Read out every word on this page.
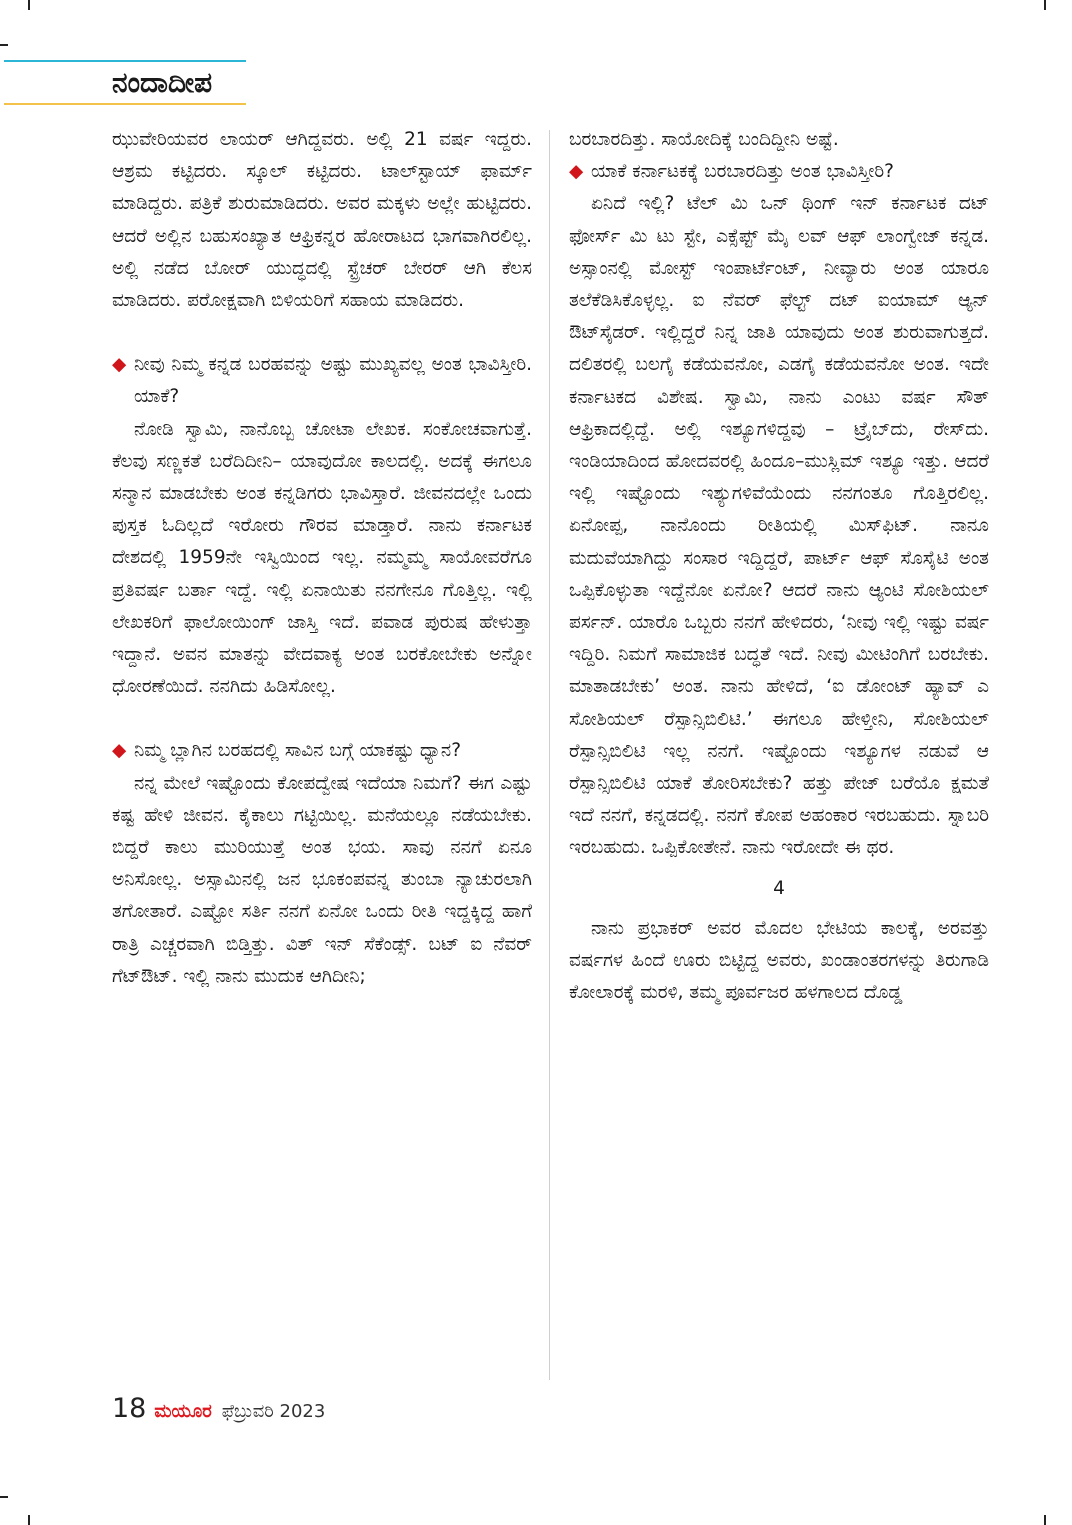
ನಂದಾದೀಪ

ಝುವೇರಿಯವರ ಲಾಯರ್ ಆಗಿದ್ದವರು. ಅಲ್ಲಿ 21 ವರ್ಷ ಇದ್ದರು. ಆಶ್ರಮ ಕಟ್ಟಿದರು. ಸ್ಕೂಲ್ ಕಟ್ಟಿದರು. ಟಾಲ್‌ಸ್ಟಾಯ್ ಫಾರ್ಮ್ ಮಾಡಿದ್ದರು. ಪತ್ರಿಕೆ ಶುರುಮಾಡಿದರು. ಅವರ ಮಕ್ಕಳು ಅಲ್ಲೇ ಹುಟ್ಟಿದರು. ಆದರೆ ಅಲ್ಲಿನ ಬಹುಸಂಖ್ಯಾತ ಆಫ್ರಿಕನ್ನರ ಹೋರಾಟದ ಭಾಗವಾಗಿರಲಿಲ್ಲ. ಅಲ್ಲಿ ನಡೆದ ಬೋರ್ ಯುದ್ಧದಲ್ಲಿ ಸ್ಟ್ರೆಚರ್ ಬೇರರ್ ಆಗಿ ಕೆಲಸ ಮಾಡಿದರು. ಪರೋಕ್ಷವಾಗಿ ಬಿಳಿಯರಿಗೆ ಸಹಾಯ ಮಾಡಿದರು.

◆ ನೀವು ನಿಮ್ಮ ಕನ್ನಡ ಬರಹವನ್ನು ಅಷ್ಟು ಮುಖ್ಯವಲ್ಲ ಅಂತ ಭಾವಿಸ್ತೀರಿ. ಯಾಕೆ?

ನೋಡಿ ಸ್ವಾಮಿ, ನಾನೊಬ್ಬ ಚೋಟಾ ಲೇಖಕ. ಸಂಕೋಚವಾಗುತ್ತೆ. ಕೆಲವು ಸಣ್ಣಕತೆ ಬರೆದಿದೀನಿ– ಯಾವುದೋ ಕಾಲದಲ್ಲಿ. ಅದಕ್ಕೆ ಈಗಲೂ ಸನ್ಮಾನ ಮಾಡಬೇಕು ಅಂತ ಕನ್ನಡಿಗರು ಭಾವಿಸ್ತಾರೆ. ಜೀವನದಲ್ಲೇ ಒಂದು ಪುಸ್ತಕ ಓದಿಲ್ಲದೆ ಇರೋರು ಗೌರವ ಮಾಡ್ತಾರೆ. ನಾನು ಕರ್ನಾಟಕ ದೇಶದಲ್ಲಿ 1959ನೇ ಇಸ್ವಿಯಿಂದ ಇಲ್ಲ. ನಮ್ಮಮ್ಮ ಸಾಯೋವರೆಗೂ ಪ್ರತಿವರ್ಷ ಬರ್ತಾ ಇದ್ದೆ. ಇಲ್ಲಿ ಏನಾಯಿತು ನನಗೇನೂ ಗೊತ್ತಿಲ್ಲ. ಇಲ್ಲಿ ಲೇಖಕರಿಗೆ ಫಾಲೋಯಿಂಗ್ ಜಾಸ್ತಿ ಇದೆ. ಪವಾಡ ಪುರುಷ ಹೇಳುತ್ತಾ ಇದ್ದಾನೆ. ಅವನ ಮಾತನ್ನು ವೇದವಾಕ್ಯ ಅಂತ ಬರಕೋಬೇಕು ಅನ್ನೋ ಧೋರಣೆಯಿದೆ. ನನಗಿದು ಹಿಡಿಸೋಲ್ಲ.

◆ ನಿಮ್ಮ ಬ್ಲಾಗಿನ ಬರಹದಲ್ಲಿ ಸಾವಿನ ಬಗ್ಗೆ ಯಾಕಷ್ಟು ಧ್ಯಾನ?

ನನ್ನ ಮೇಲೆ ಇಷ್ಟೊಂದು ಕೋಪದ್ವೇಷ ಇದೆಯಾ ನಿಮಗೆ? ಈಗ ಎಷ್ಟು ಕಷ್ಟ ಹೇಳಿ ಜೀವನ. ಕೈಕಾಲು ಗಟ್ಟಿಯಿಲ್ಲ. ಮನೆಯಲ್ಲೂ ನಡೆಯಬೇಕು. ಬಿದ್ದರೆ ಕಾಲು ಮುರಿಯುತ್ತೆ ಅಂತ ಭಯ. ಸಾವು ನನಗೆ ಏನೂ ಅನಿಸೋಲ್ಲ. ಅಸ್ಸಾಮಿನಲ್ಲಿ ಜನ ಭೂಕಂಪವನ್ನ ತುಂಬಾ ನ್ಯಾಚುರಲಾಗಿ ತಗೋತಾರೆ. ಎಷ್ಟೋ ಸರ್ತಿ ನನಗೆ ಏನೋ ಒಂದು ರೀತಿ ಇದ್ದಕ್ಕಿದ್ದ ಹಾಗೆ ರಾತ್ರಿ ಎಚ್ಚರವಾಗಿ ಬಿಡ್ತಿತ್ತು. ವಿತ್ ಇನ್ ಸೆಕೆಂಡ್ಸ್. ಬಟ್ ಐ ನೆವರ್ ಗೆಟ್‌ಔಟ್. ಇಲ್ಲಿ ನಾನು ಮುದುಕ ಆಗಿದೀನಿ;

ಬರಬಾರದಿತ್ತು. ಸಾಯೋದಿಕ್ಕೆ ಬಂದಿದ್ದೀನಿ ಅಷ್ಟೆ.

◆ ಯಾಕೆ ಕರ್ನಾಟಕಕ್ಕೆ ಬರಬಾರದಿತ್ತು ಅಂತ ಭಾವಿಸ್ತೀರಿ?

ಏನಿದೆ ಇಲ್ಲಿ? ಟೆಲ್ ಮಿ ಒನ್ ಥಿಂಗ್ ಇನ್ ಕರ್ನಾಟಕ ದಟ್ ಫೋರ್ಸ್ ಮಿ ಟು ಸ್ಟೇ, ಎಕ್ಸೆಪ್ಟ್ ಮೈ ಲವ್ ಆಫ್ ಲಾಂಗ್ವೇಜ್ ಕನ್ನಡ. ಅಸ್ಸಾಂನಲ್ಲಿ ಮೋಸ್ಟ್ ಇಂಪಾರ್ಟೆಂಟ್, ನೀವ್ಯಾರು ಅಂತ ಯಾರೂ ತಲೆಕೆಡಿಸಿಕೊಳ್ಳಲ್ಲ. ಐ ನೆವರ್ ಫೆಲ್ಟ್ ದಟ್ ಐಯಾಮ್ ಆ್ಯನ್ ಔಟ್‌ಸೈಡರ್. ಇಲ್ಲಿದ್ದರೆ ನಿನ್ನ ಜಾತಿ ಯಾವುದು ಅಂತ ಶುರುವಾಗುತ್ತದೆ. ದಲಿತರಲ್ಲಿ ಬಲಗೈ ಕಡೆಯವನೋ, ಎಡಗೈ ಕಡೆಯವನೋ ಅಂತ. ಇದೇ ಕರ್ನಾಟಕದ ವಿಶೇಷ. ಸ್ವಾಮಿ, ನಾನು ಎಂಟು ವರ್ಷ ಸೌತ್ ಆಫ್ರಿಕಾದಲ್ಲಿದ್ದೆ. ಅಲ್ಲಿ ಇಶ್ಯೂಗಳಿದ್ದವು – ಟ್ರೈಬ್‌ದು, ರೇಸ್‌ದು. ಇಂಡಿಯಾದಿಂದ ಹೋದವರಲ್ಲಿ ಹಿಂದೂ–ಮುಸ್ಲಿಮ್ ಇಶ್ಯೂ ಇತ್ತು. ಆದರೆ ಇಲ್ಲಿ ಇಷ್ಟೊಂದು ಇಶ್ಯುಗಳಿವೆಯೆಂದು ನನಗಂತೂ ಗೊತ್ತಿರಲಿಲ್ಲ. ಏನೋಪ್ಪ, ನಾನೊಂದು ರೀತಿಯಲ್ಲಿ ಮಿಸ್‌ಫಿಟ್. ನಾನೂ ಮದುವೆಯಾಗಿದ್ದು ಸಂಸಾರ ಇದ್ದಿದ್ದರೆ, ಪಾರ್ಟ್ ಆಫ್ ಸೊಸೈಟಿ ಅಂತ ಒಪ್ಪಿಕೊಳ್ಳುತಾ ಇದ್ದೆನೋ ಏನೋ? ಆದರೆ ನಾನು ಆ್ಯಂಟಿ ಸೋಶಿಯಲ್ ಪರ್ಸನ್. ಯಾರೊ ಒಬ್ಬರು ನನಗೆ ಹೇಳಿದರು, ‘ನೀವು ಇಲ್ಲಿ ಇಷ್ಟು ವರ್ಷ ಇದ್ದಿರಿ. ನಿಮಗೆ ಸಾಮಾಜಿಕ ಬದ್ಧತೆ ಇದೆ. ನೀವು ಮೀಟಿಂಗಿಗೆ ಬರಬೇಕು. ಮಾತಾಡಬೇಕು’ ಅಂತ. ನಾನು ಹೇಳಿದೆ, ‘ಐ ಡೋಂಟ್ ಹ್ಯಾವ್ ಎ ಸೋಶಿಯಲ್ ರೆಸ್ಪಾನ್ಸಿಬಿಲಿಟಿ.’ ಈಗಲೂ ಹೇಳ್ತೀನಿ, ಸೋಶಿಯಲ್ ರೆಸ್ಪಾನ್ಸಿಬಿಲಿಟಿ ಇಲ್ಲ ನನಗೆ. ಇಷ್ಟೊಂದು ಇಶ್ಯೂಗಳ ನಡುವೆ ಆ ರೆಸ್ಪಾನ್ಸಿಬಿಲಿಟಿ ಯಾಕೆ ತೋರಿಸಬೇಕು? ಹತ್ತು ಪೇಜ್ ಬರೆಯೊ ಕ್ಷಮತೆ ಇದೆ ನನಗೆ, ಕನ್ನಡದಲ್ಲಿ. ನನಗೆ ಕೋಪ ಅಹಂಕಾರ ಇರಬಹುದು. ಸ್ನಾಬರಿ ಇರಬಹುದು. ಒಪ್ಪಿಕೋತೇನೆ. ನಾನು ಇರೋದೇ ಈ ಥರ.

4

ನಾನು ಪ್ರಭಾಕರ್ ಅವರ ಮೊದಲ ಭೇಟಿಯ ಕಾಲಕ್ಕೆ, ಅರವತ್ತು ವರ್ಷಗಳ ಹಿಂದೆ ಊರು ಬಿಟ್ಟಿದ್ದ ಅವರು, ಖಂಡಾಂತರಗಳನ್ನು ತಿರುಗಾಡಿ ಕೋಲಾರಕ್ಕೆ ಮರಳಿ, ತಮ್ಮ ಪೂರ್ವಜರ ಹಳಗಾಲದ ದೊಡ್ಡ

18 ಮಯೂರ ಫೆಬ್ರುವರಿ 2023
